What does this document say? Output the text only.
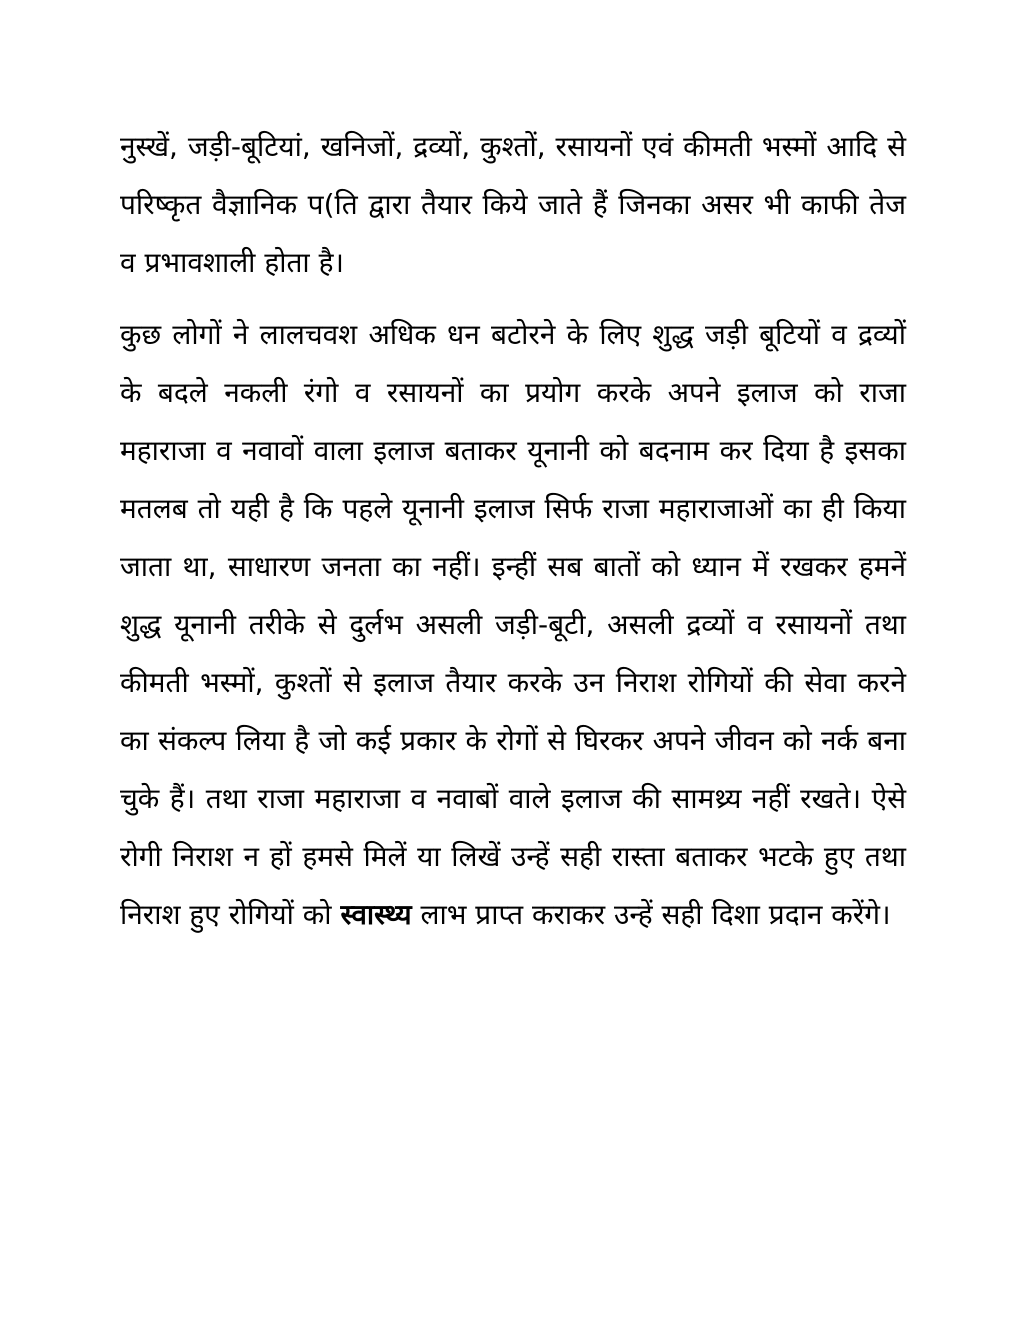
नुस्खें, जड़ी-बूटियां, खनिजों, द्रव्यों, कुश्तों, रसायनों एवं कीमती भस्मों आदि से परिष्कृत वैज्ञानिक प(ति द्वारा तैयार किये जाते हैं जिनका असर भी काफी तेज व प्रभावशाली होता है।

कुछ लोगों ने लालचवश अधिक धन बटोरने के लिए शुद्ध जड़ी बूटियों व द्रव्यों के बदले नकली रंगो व रसायनों का प्रयोग करके अपने इलाज को राजा महाराजा व नवावों वाला इलाज बताकर यूनानी को बदनाम कर दिया है इसका मतलब तो यही है कि पहले यूनानी इलाज सिर्फ राजा महाराजाओं का ही किया जाता था, साधारण जनता का नहीं। इन्हीं सब बातों को ध्यान में रखकर हमनें शुद्ध यूनानी तरीके से दुर्लभ असली जड़ी-बूटी, असली द्रव्यों व रसायनों तथा कीमती भस्मों, कुश्तों से इलाज तैयार करके उन निराश रोगियों की सेवा करने का संकल्प लिया है जो कई प्रकार के रोगों से घिरकर अपने जीवन को नर्क बना चुके हैं। तथा राजा महाराजा व नवाबों वाले इलाज की सामथ्र्य नहीं रखते। ऐसे रोगी निराश न हों हमसे मिलें या लिखें उन्हें सही रास्ता बताकर भटके हुए तथा निराश हुए रोगियों को स्वास्थ्य लाभ प्राप्त कराकर उन्हें सही दिशा प्रदान करेंगे।
